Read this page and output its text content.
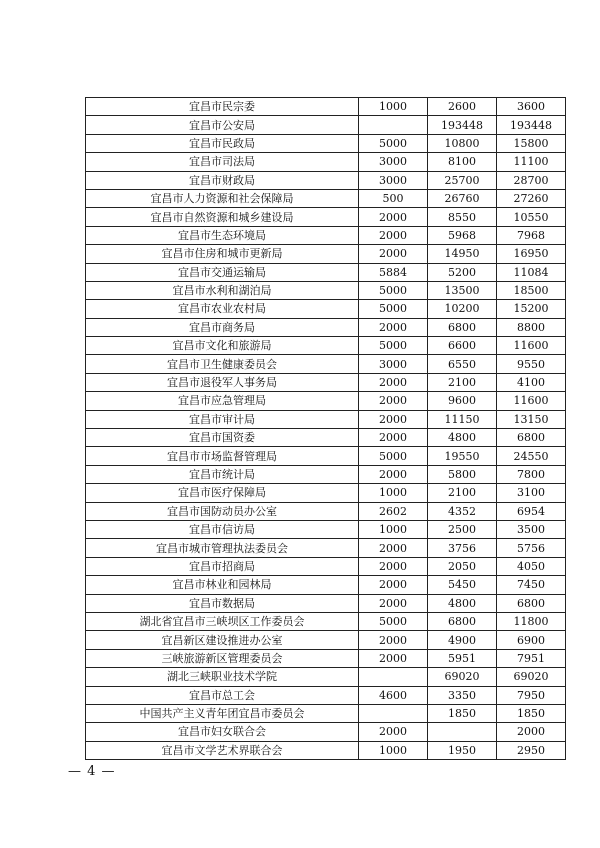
宜昌市民宗委	1000	2600	3600
宜昌市公安局		193448	193448
宜昌市民政局	5000	10800	15800
宜昌市司法局	3000	8100	11100
宜昌市财政局	3000	25700	28700
宜昌市人力资源和社会保障局	500	26760	27260
宜昌市自然资源和城乡建设局	2000	8550	10550
宜昌市生态环境局	2000	5968	7968
宜昌市住房和城市更新局	2000	14950	16950
宜昌市交通运输局	5884	5200	11084
宜昌市水利和湖泊局	5000	13500	18500
宜昌市农业农村局	5000	10200	15200
宜昌市商务局	2000	6800	8800
宜昌市文化和旅游局	5000	6600	11600
宜昌市卫生健康委员会	3000	6550	9550
宜昌市退役军人事务局	2000	2100	4100
宜昌市应急管理局	2000	9600	11600
宜昌市审计局	2000	11150	13150
宜昌市国资委	2000	4800	6800
宜昌市市场监督管理局	5000	19550	24550
宜昌市统计局	2000	5800	7800
宜昌市医疗保障局	1000	2100	3100
宜昌市国防动员办公室	2602	4352	6954
宜昌市信访局	1000	2500	3500
宜昌市城市管理执法委员会	2000	3756	5756
宜昌市招商局	2000	2050	4050
宜昌市林业和园林局	2000	5450	7450
宜昌市数据局	2000	4800	6800
湖北省宜昌市三峡坝区工作委员会	5000	6800	11800
宜昌新区建设推进办公室	2000	4900	6900
三峡旅游新区管理委员会	2000	5951	7951
湖北三峡职业技术学院		69020	69020
宜昌市总工会	4600	3350	7950
中国共产主义青年团宜昌市委员会		1850	1850
宜昌市妇女联合会	2000		2000
宜昌市文学艺术界联合会	1000	1950	2950
— 4 —
